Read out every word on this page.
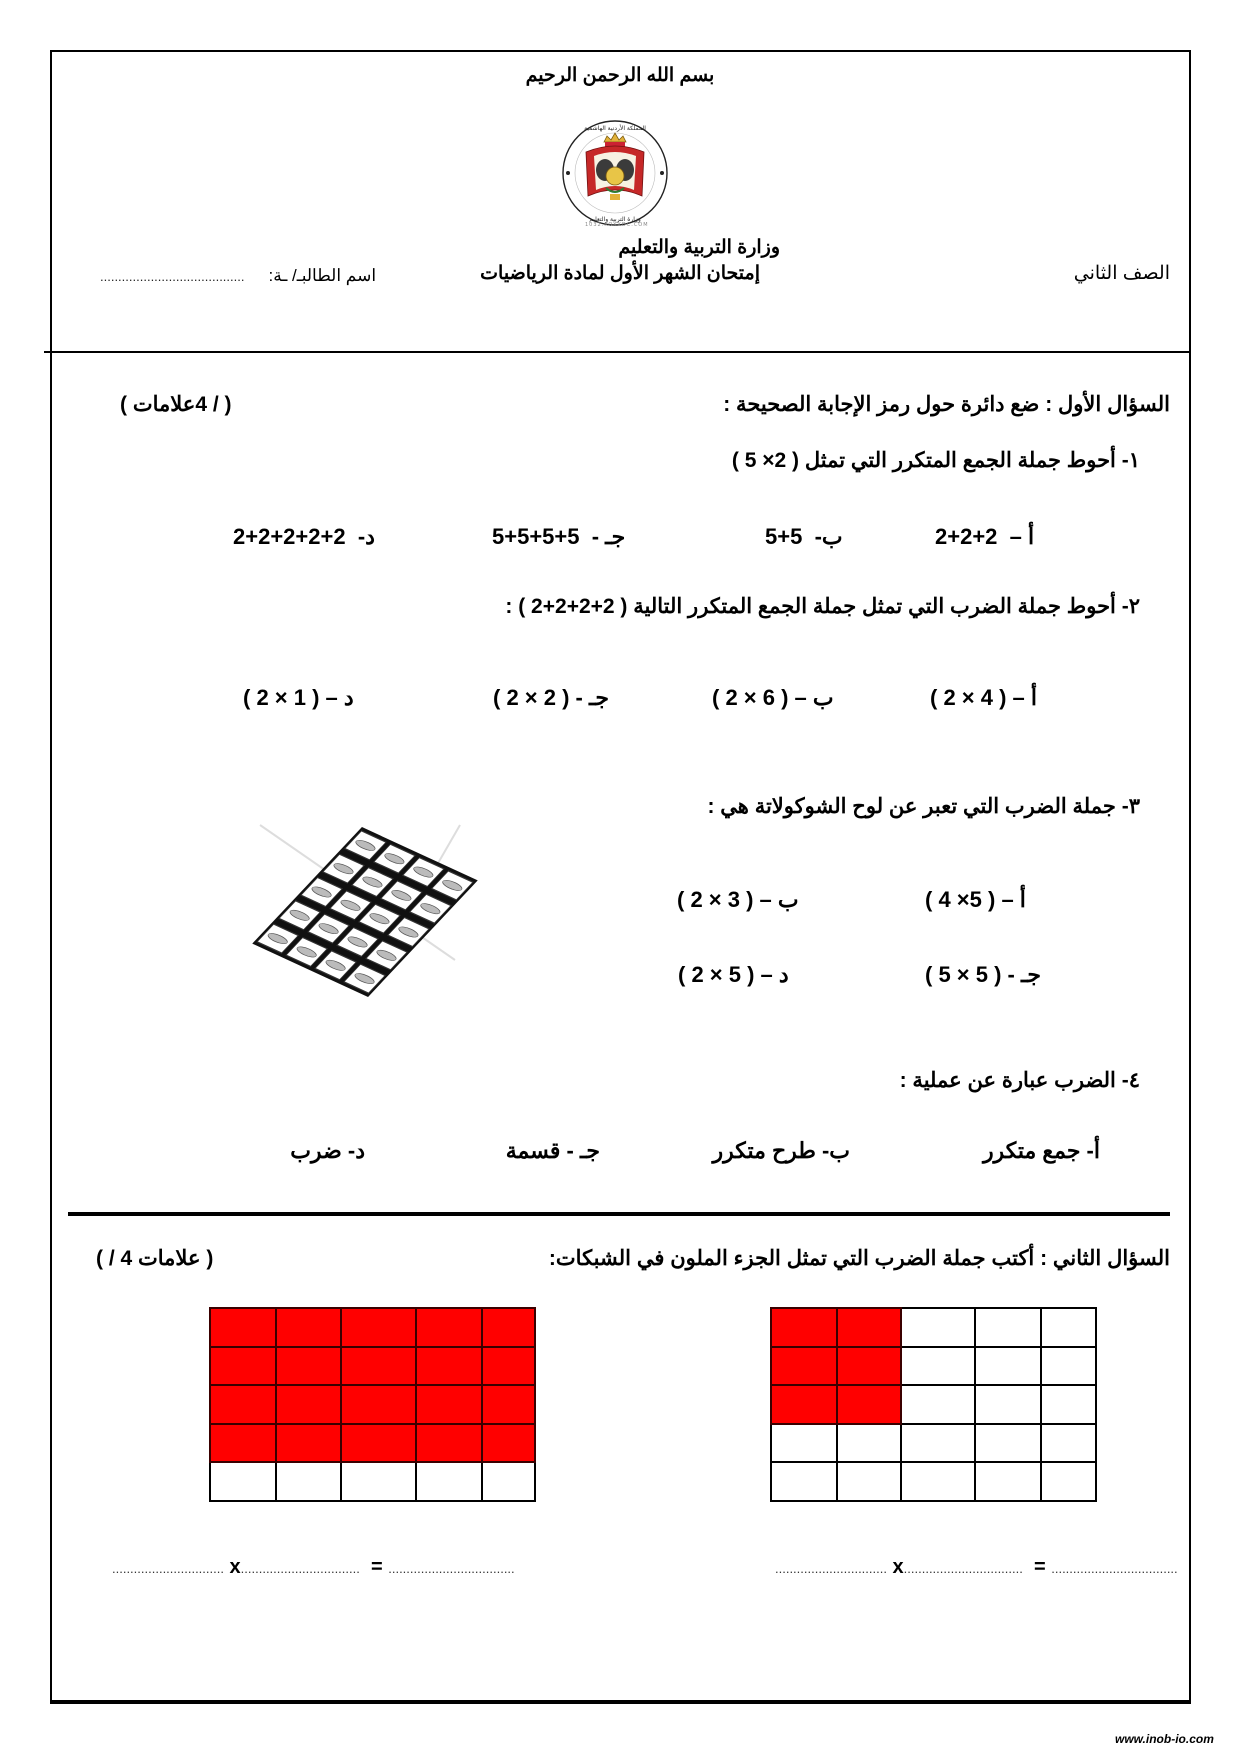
بسم الله الرحمن الرحيم
المملكة الأردنية الهاشمية
وزارة التربية والتعليم
1032.XOXXDC.COM
وزارة التربية والتعليم
إمتحان الشهر الأول لمادة الرياضيات	الصف الثاني
........................................ اسم الطالبـ/ ـة:
السؤال الأول : ضع دائرة حول رمز الإجابة الصحيحة :
( / 4علامات )
١- أحوط جملة الجمع المتكرر التي تمثل ( 2× 5 )
أ –  2+2+2
ب-  5+5
جـ -  5+5+5+5
د-  2+2+2+2+2
٢- أحوط جملة الضرب التي تمثل جملة الجمع المتكرر التالية ( 2+2+2+2 ) :
أ – ( 2 × 4 )
ب – ( 2 × 6 )
جـ - ( 2 × 2 )
د – ( 2 × 1 )
٣- جملة الضرب التي تعبر عن لوح الشوكولاتة هي :
أ – ( 4 ×5 )
ب – ( 2 × 3 )
جـ - ( 5 × 5 )
د – ( 2 × 5 )
٤- الضرب عبارة عن عملية :
أ- جمع متكرر
ب- طرح متكرر
جـ - قسمة
د- ضرب
السؤال الثاني : أكتب جملة الضرب التي تمثل الجزء الملون في الشبكات:
( / 4 علامات )

............................... x................................. = ...................................	............................... x................................. = ...................................
www.inob-io.com
